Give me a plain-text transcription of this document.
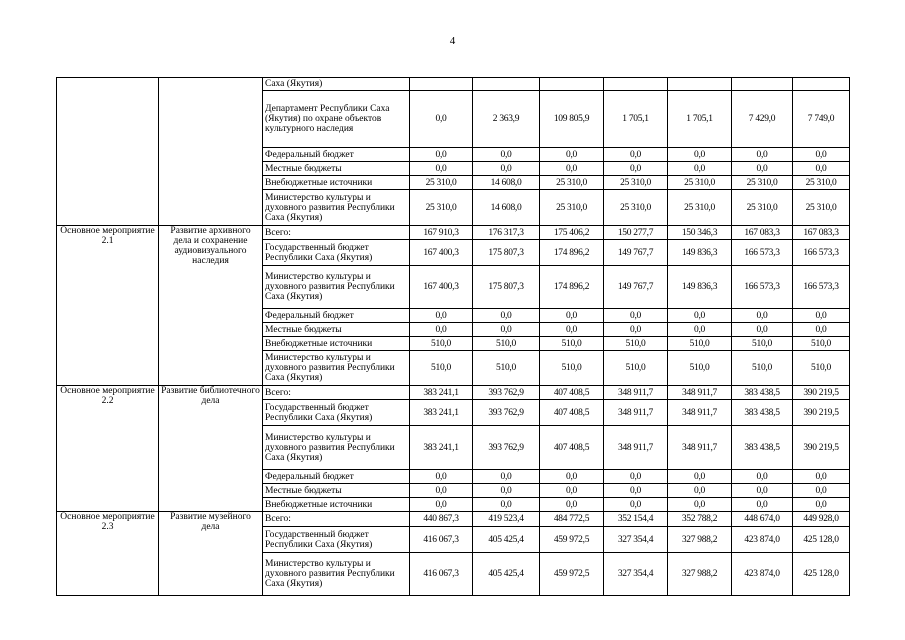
4
		Саха (Якутия)							
		Департамент Республики Саха (Якутия) по охране объектов культурного наследия	0,0	2 363,9	109 805,9	1 705,1	1 705,1	7 429,0	7 749,0
		Федеральный бюджет	0,0	0,0	0,0	0,0	0,0	0,0	0,0
		Местные бюджеты	0,0	0,0	0,0	0,0	0,0	0,0	0,0
		Внебюджетные источники	25 310,0	14 608,0	25 310,0	25 310,0	25 310,0	25 310,0	25 310,0
		Министерство культуры и духовного развития Республики Саха (Якутия)	25 310,0	14 608,0	25 310,0	25 310,0	25 310,0	25 310,0	25 310,0
Основное мероприятие 2.1	Развитие архивного дела и сохранение аудиовизуального наследия	Всего:	167 910,3	176 317,3	175 406,2	150 277,7	150 346,3	167 083,3	167 083,3
		Государственный бюджет Республики Саха (Якутия)	167 400,3	175 807,3	174 896,2	149 767,7	149 836,3	166 573,3	166 573,3
		Министерство культуры и духовного развития Республики Саха (Якутия)	167 400,3	175 807,3	174 896,2	149 767,7	149 836,3	166 573,3	166 573,3
		Федеральный бюджет	0,0	0,0	0,0	0,0	0,0	0,0	0,0
		Местные бюджеты	0,0	0,0	0,0	0,0	0,0	0,0	0,0
		Внебюджетные источники	510,0	510,0	510,0	510,0	510,0	510,0	510,0
		Министерство культуры и духовного развития Республики Саха (Якутия)	510,0	510,0	510,0	510,0	510,0	510,0	510,0
Основное мероприятие 2.2	Развитие библиотечного дела	Всего:	383 241,1	393 762,9	407 408,5	348 911,7	348 911,7	383 438,5	390 219,5
		Государственный бюджет Республики Саха (Якутия)	383 241,1	393 762,9	407 408,5	348 911,7	348 911,7	383 438,5	390 219,5
		Министерство культуры и духовного развития Республики Саха (Якутия)	383 241,1	393 762,9	407 408,5	348 911,7	348 911,7	383 438,5	390 219,5
		Федеральный бюджет	0,0	0,0	0,0	0,0	0,0	0,0	0,0
		Местные бюджеты	0,0	0,0	0,0	0,0	0,0	0,0	0,0
		Внебюджетные источники	0,0	0,0	0,0	0,0	0,0	0,0	0,0
Основное мероприятие 2.3	Развитие музейного дела	Всего:	440 867,3	419 523,4	484 772,5	352 154,4	352 788,2	448 674,0	449 928,0
		Государственный бюджет Республики Саха (Якутия)	416 067,3	405 425,4	459 972,5	327 354,4	327 988,2	423 874,0	425 128,0
		Министерство культуры и духовного развития Республики Саха (Якутия)	416 067,3	405 425,4	459 972,5	327 354,4	327 988,2	423 874,0	425 128,0
